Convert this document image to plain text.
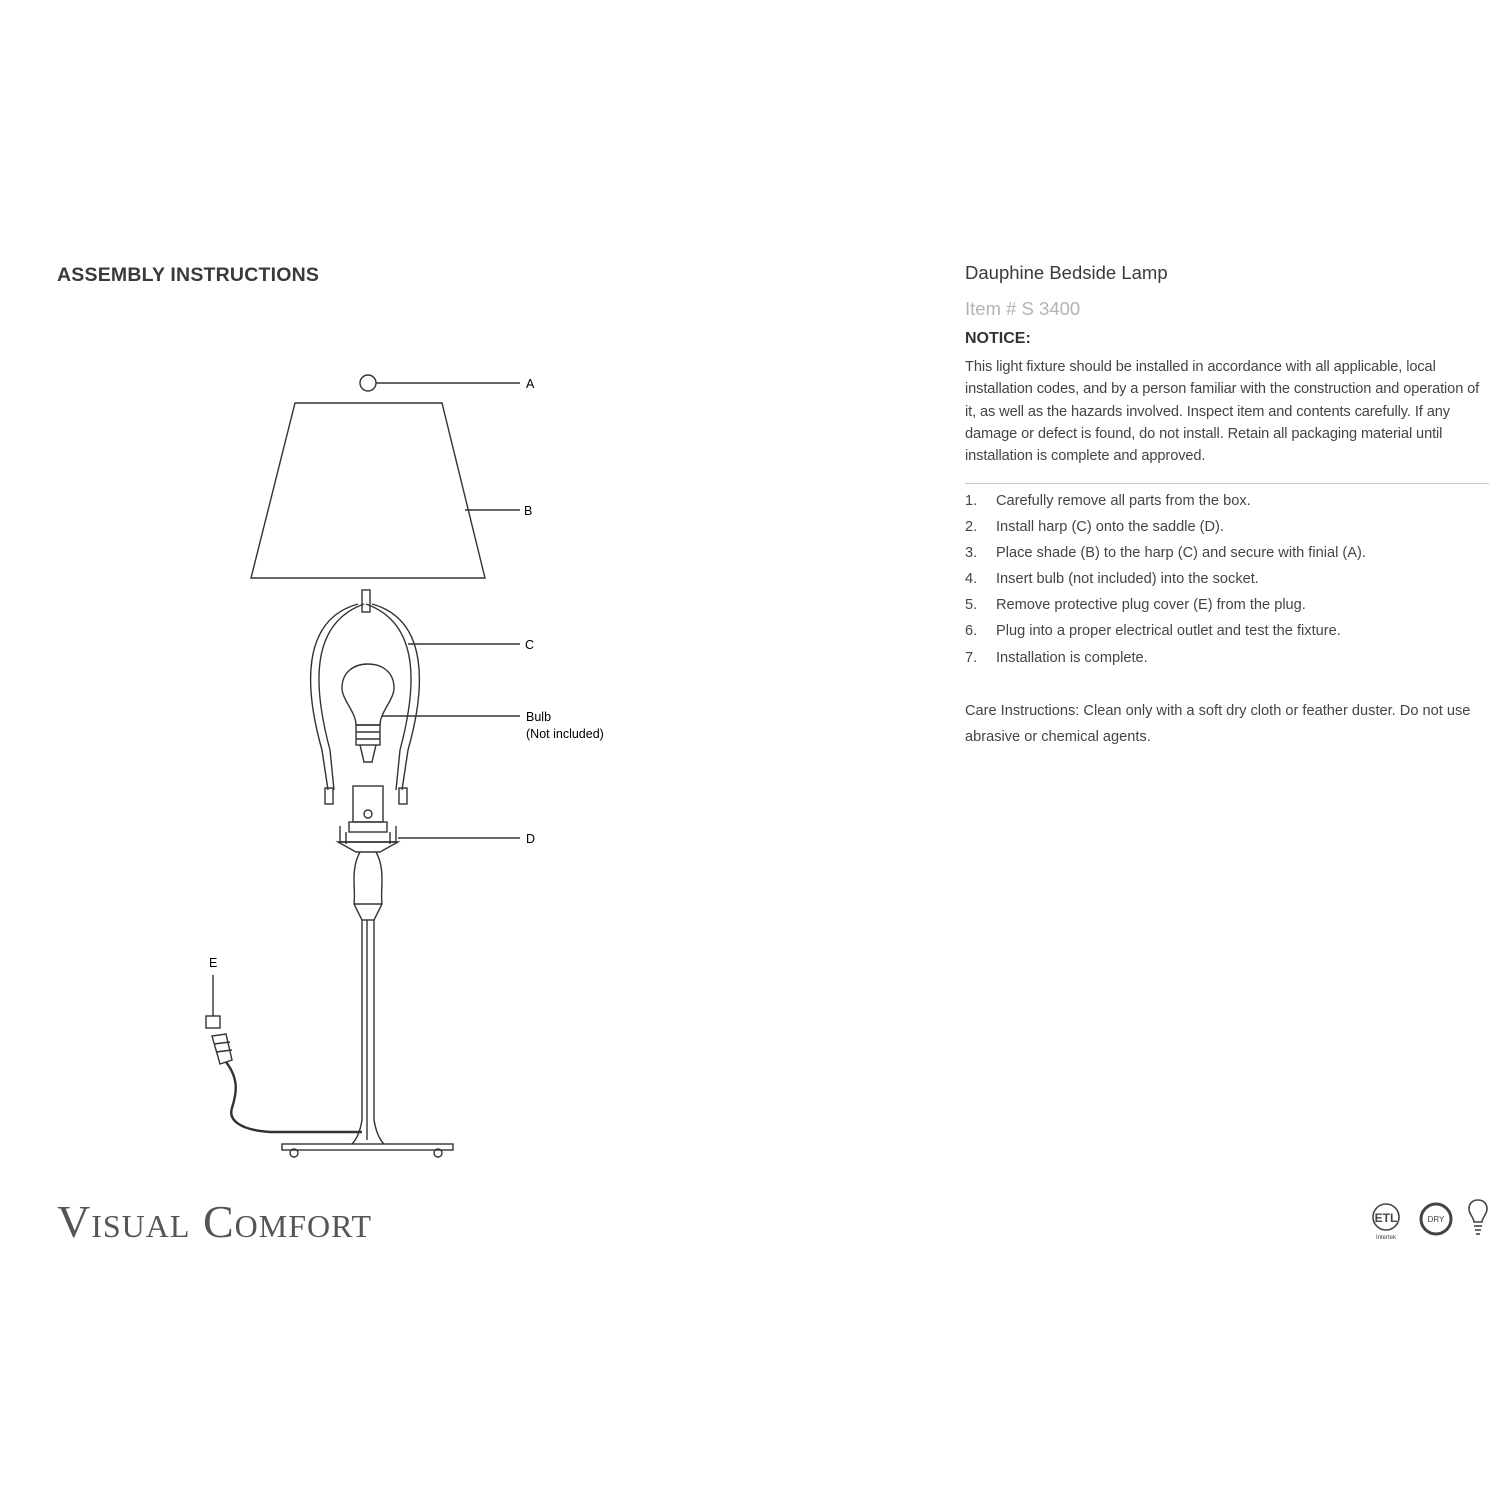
ASSEMBLY INSTRUCTIONS
A
B
C
Bulb
(Not included)
D
E
Visual Comfort
Dauphine Bedside Lamp
Item # S 3400
NOTICE:
This light fixture should be installed in accordance with all applicable, local installation codes, and by a person familiar with the construction and operation of it, as well as the hazards involved. Inspect item and contents carefully. If any damage or defect is found, do not install. Retain all packaging material until installation is complete and approved.
1. Carefully remove all parts from the box.
2. Install harp (C) onto the saddle (D).
3. Place shade (B) to the harp (C) and secure with finial (A).
4. Insert bulb (not included) into the socket.
5. Remove protective plug cover (E) from the plug.
6. Plug into a proper electrical outlet and test the fixture.
7. Installation is complete.
Care Instructions: Clean only with a soft dry cloth or feather duster. Do not use abrasive or chemical agents.
ETL
Intertek
DRY
